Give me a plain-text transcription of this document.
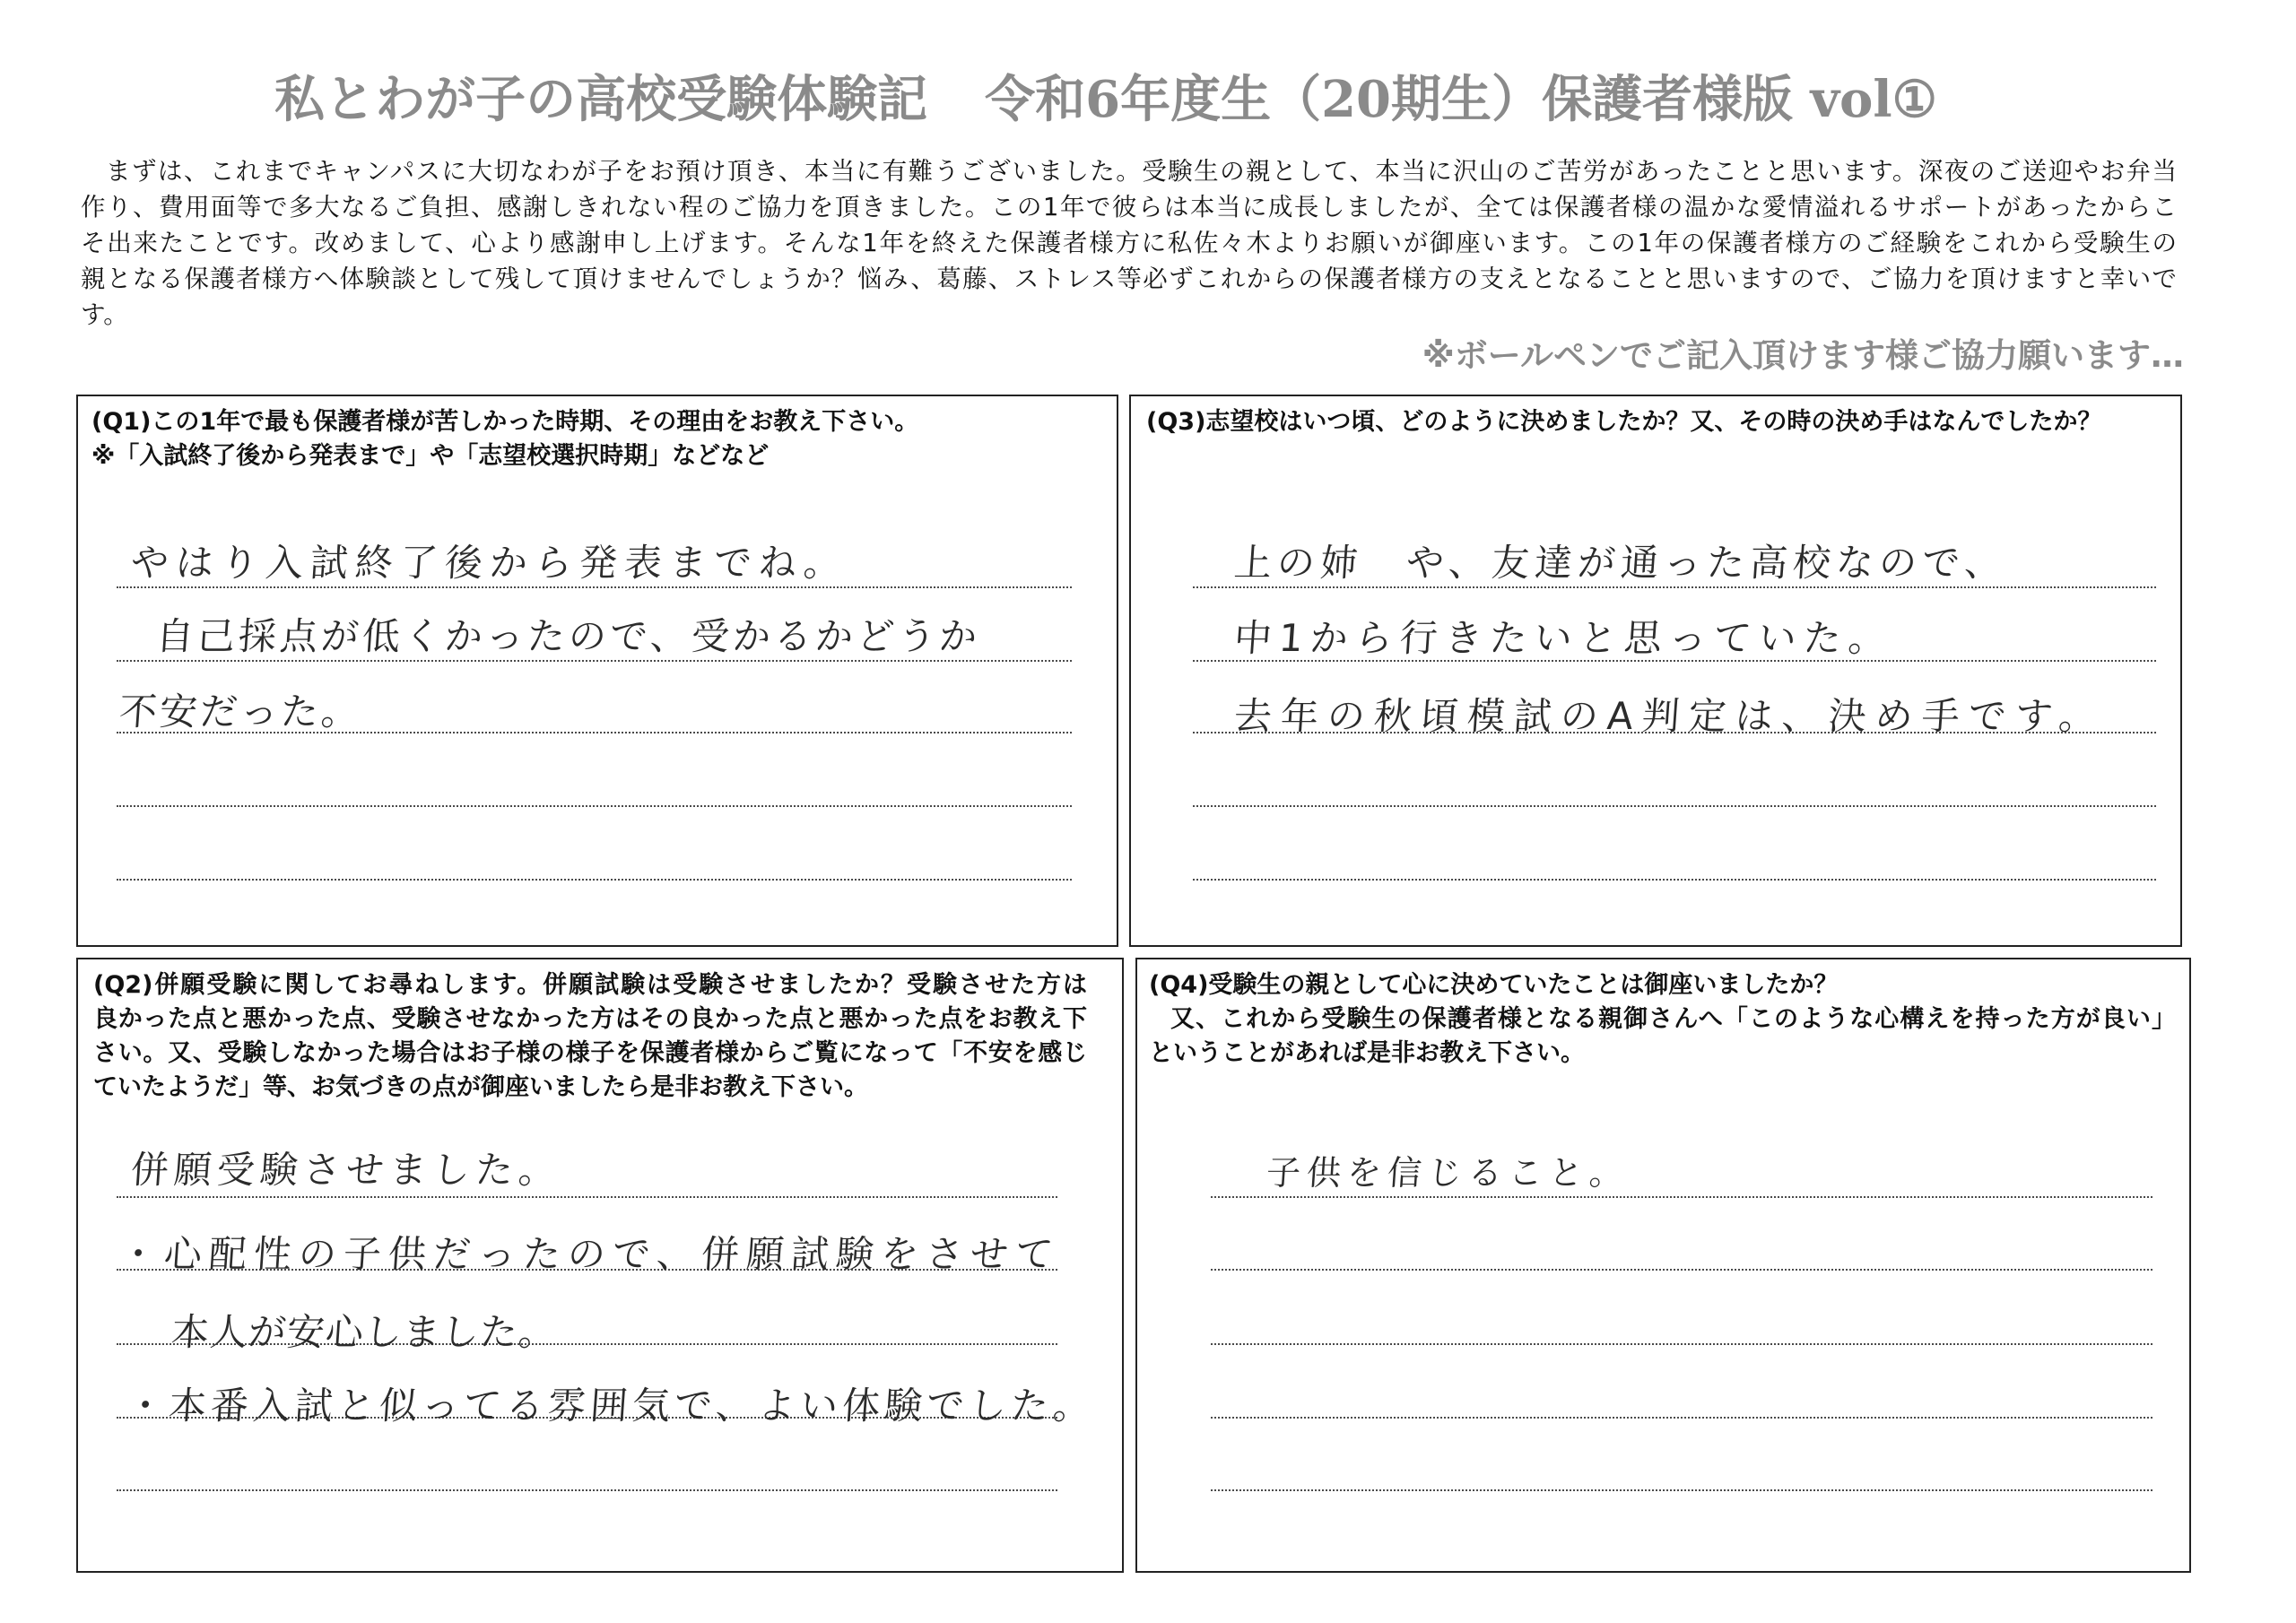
私とわが子の高校受験体験記 令和6年度生（20期生）保護者様版 vol①
まずは、これまでキャンパスに大切なわが子をお預け頂き、本当に有難うございました。受験生の親として、本当に沢山のご苦労があったことと思います。深夜のご送迎やお弁当
作り、費用面等で多大なるご負担、感謝しきれない程のご協力を頂きました。この1年で彼らは本当に成長しましたが、全ては保護者様の温かな愛情溢れるサポートがあったからこ
そ出来たことです。改めまして、心より感謝申し上げます。そんな1年を終えた保護者様方に私佐々木よりお願いが御座います。この1年の保護者様方のご経験をこれから受験生の
親となる保護者様方へ体験談として残して頂けませんでしょうか？悩み、葛藤、ストレス等必ずこれからの保護者様方の支えとなることと思いますので、ご協力を頂けますと幸いで
す。
※ボールペンでご記入頂けます様ご協力願います…
(Q1)この1年で最も保護者様が苦しかった時期、その理由をお教え下さい。
※「入試終了後から発表まで」や「志望校選択時期」などなど
やはり入試終了後から発表までね。
自己採点が低くかったので、受かるかどうか
不安だった。
(Q3)志望校はいつ頃、どのように決めましたか？又、その時の決め手はなんでしたか？
上の姉　や、友達が通った高校なので、
中1から行きたいと思っていた。
去年の秋頃模試のA判定は、決め手です。
(Q2)併願受験に関してお尋ねします。併願試験は受験させましたか？受験させた方は
良かった点と悪かった点、受験させなかった方はその良かった点と悪かった点をお教え下
さい。又、受験しなかった場合はお子様の様子を保護者様からご覧になって「不安を感じ
ていたようだ」等、お気づきの点が御座いましたら是非お教え下さい。
併願受験させました。
・心配性の子供だったので、併願試験をさせて
本人が安心しました。
・本番入試と似ってる雰囲気で、よい体験でした。
(Q4)受験生の親として心に決めていたことは御座いましたか？
又、これから受験生の保護者様となる親御さんへ「このような心構えを持った方が良い」
ということがあれば是非お教え下さい。
子供を信じること。
